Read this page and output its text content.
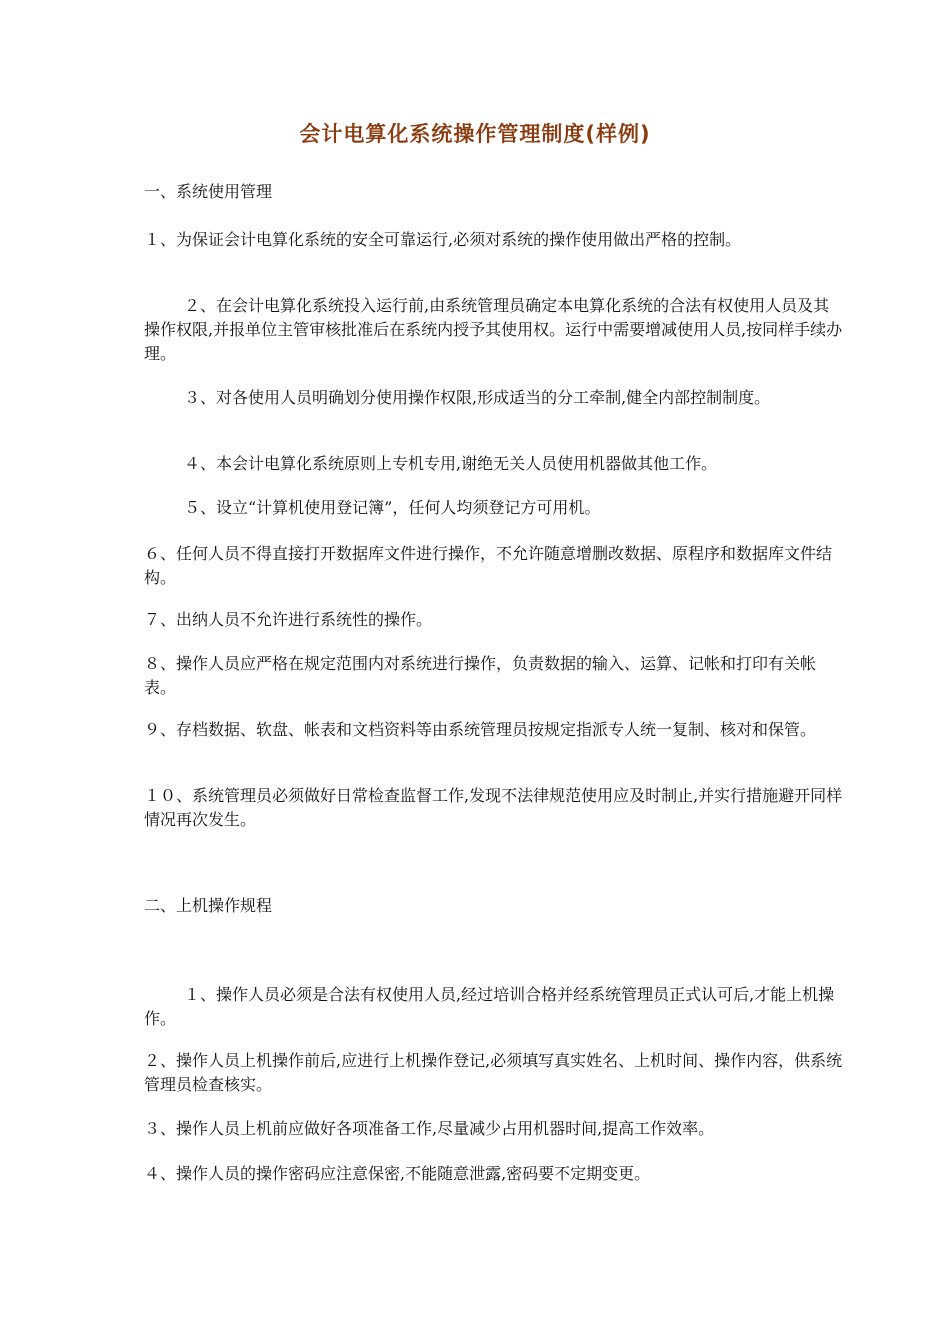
会计电算化系统操作管理制度(样例)

一、系统使用管理

１、为保证会计电算化系统的安全可靠运行,必须对系统的操作使用做出严格的控制。

２、在会计电算化系统投入运行前,由系统管理员确定本电算化系统的合法有权使用人员及其操作权限,并报单位主管审核批准后在系统内授予其使用权。运行中需要增减使用人员,按同样手续办理。

３、对各使用人员明确划分使用操作权限,形成适当的分工牵制,健全内部控制制度。

４、本会计电算化系统原则上专机专用,谢绝无关人员使用机器做其他工作。

５、设立“计算机使用登记簿”，任何人均须登记方可用机。

６、任何人员不得直接打开数据库文件进行操作，不允许随意增删改数据、原程序和数据库文件结构。

７、出纳人员不允许进行系统性的操作。

８、操作人员应严格在规定范围内对系统进行操作，负责数据的输入、运算、记帐和打印有关帐表。

９、存档数据、软盘、帐表和文档资料等由系统管理员按规定指派专人统一复制、核对和保管。

１０、系统管理员必须做好日常检查监督工作,发现不法律规范使用应及时制止,并实行措施避开同样情况再次发生。

二、上机操作规程

１、操作人员必须是合法有权使用人员,经过培训合格并经系统管理员正式认可后,才能上机操作。

２、操作人员上机操作前后,应进行上机操作登记,必须填写真实姓名、上机时间、操作内容，供系统管理员检查核实。

３、操作人员上机前应做好各项准备工作,尽量减少占用机器时间,提高工作效率。

４、操作人员的操作密码应注意保密,不能随意泄露,密码要不定期变更。
